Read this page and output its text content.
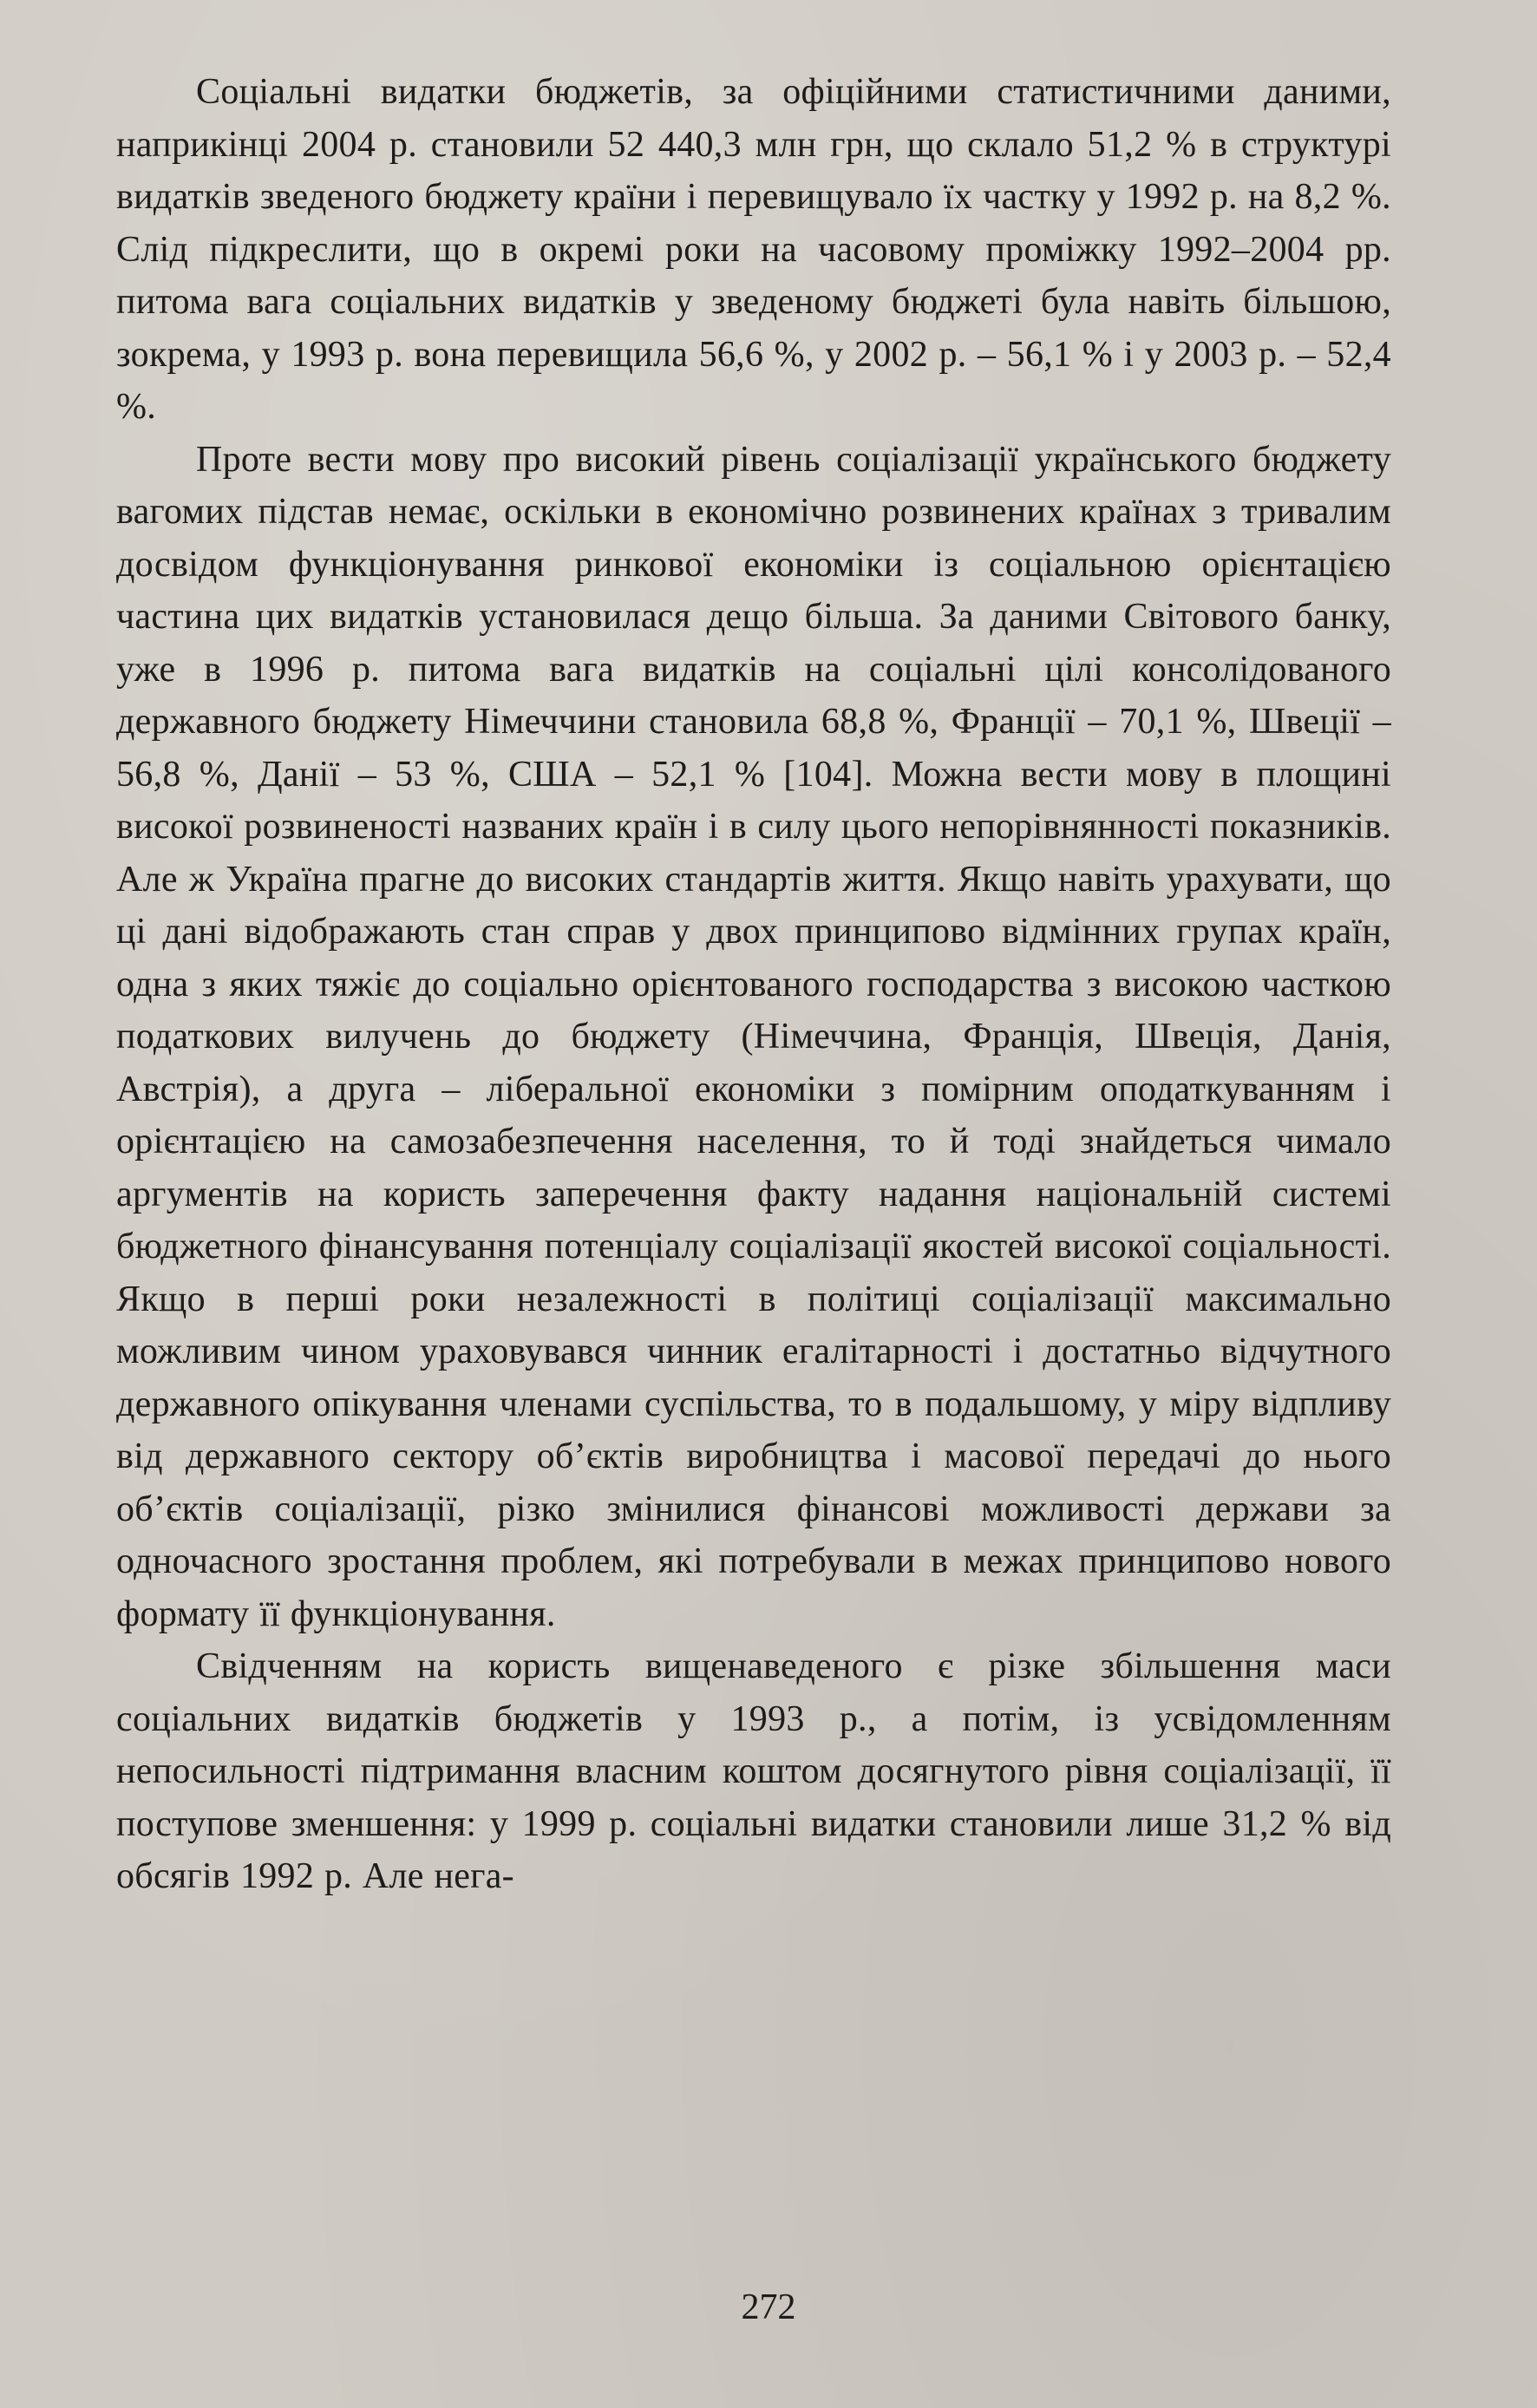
Соціальні видатки бюджетів, за офіційними статистичними даними, наприкінці 2004 р. становили 52 440,3 млн грн, що склало 51,2 % в структурі видатків зведеного бюджету країни і перевищувало їх частку у 1992 р. на 8,2 %. Слід підкреслити, що в окремі роки на часовому проміжку 1992–2004 рр. питома вага соціальних видатків у зведеному бюджеті була навіть більшою, зокрема, у 1993 р. вона перевищила 56,6 %, у 2002 р. – 56,1 % і у 2003 р. – 52,4 %.

Проте вести мову про високий рівень соціалізації українського бюджету вагомих підстав немає, оскільки в економічно розвинених країнах з тривалим досвідом функціонування ринкової економіки із соціальною орієнтацією частина цих видатків установилася дещо більша. За даними Світового банку, уже в 1996 р. питома вага видатків на соціальні цілі консолідованого державного бюджету Німеччини становила 68,8 %, Франції – 70,1 %, Швеції – 56,8 %, Данії – 53 %, США – 52,1 % [104]. Можна вести мову в площині високої розвиненості названих країн і в силу цього непорівнянності показників. Але ж Україна прагне до високих стандартів життя. Якщо навіть урахувати, що ці дані відображають стан справ у двох принципово відмінних групах країн, одна з яких тяжіє до соціально орієнтованого господарства з високою часткою податкових вилучень до бюджету (Німеччина, Франція, Швеція, Данія, Австрія), а друга – ліберальної економіки з помірним оподаткуванням і орієнтацією на самозабезпечення населення, то й тоді знайдеться чимало аргументів на користь заперечення факту надання національній системі бюджетного фінансування потенціалу соціалізації якостей високої соціальності. Якщо в перші роки незалежності в політиці соціалізації максимально можливим чином ураховувався чинник егалітарності і достатньо відчутного державного опікування членами суспільства, то в подальшому, у міру відпливу від державного сектору об’єктів виробництва і масової передачі до нього об’єктів соціалізації, різко змінилися фінансові можливості держави за одночасного зростання проблем, які потребували в межах принципово нового формату її функціонування.

Свідченням на користь вищенаведеного є різке збільшення маси соціальних видатків бюджетів у 1993 р., а потім, із усвідомленням непосильності підтримання власним коштом досягнутого рівня соціалізації, її поступове зменшення: у 1999 р. соціальні видатки становили лише 31,2 % від обсягів 1992 р. Але нега-

272
